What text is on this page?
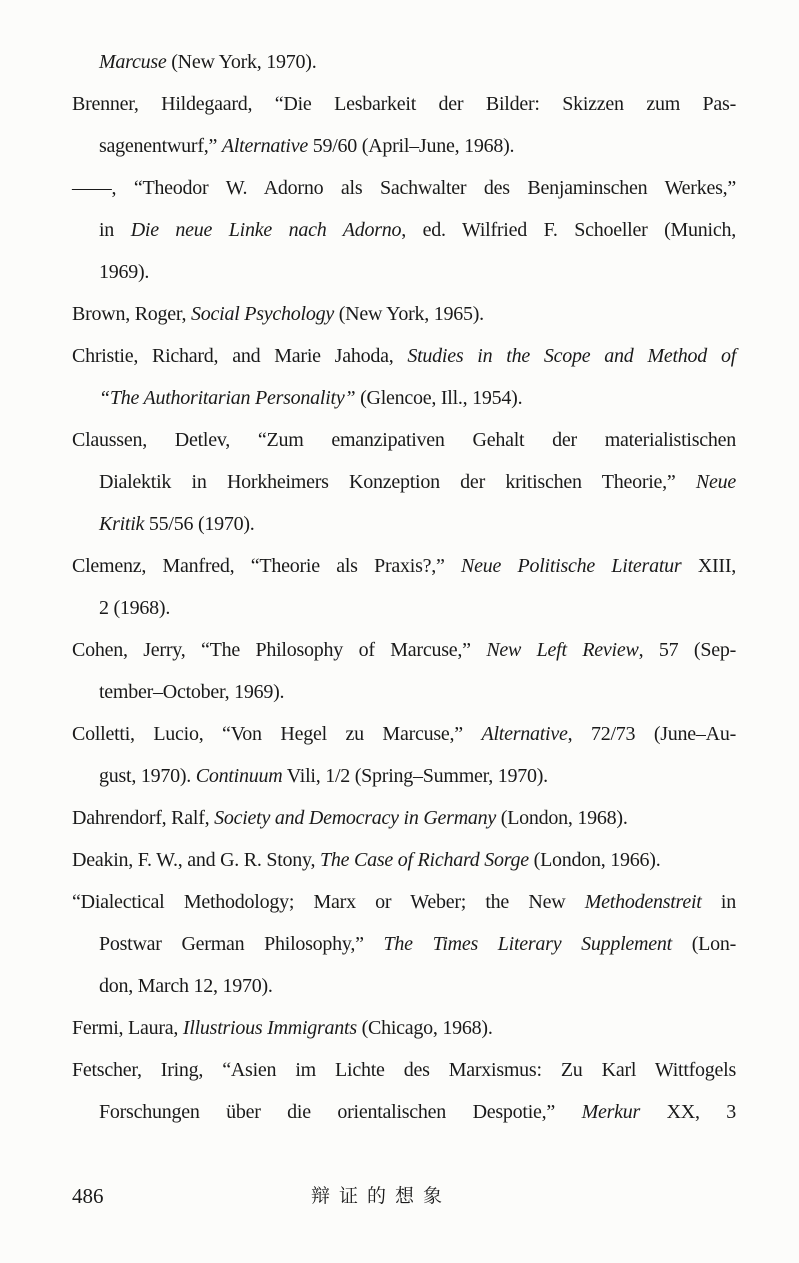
Marcuse (New York, 1970).

Brenner, Hildegaard, “Die Lesbarkeit der Bilder: Skizzen zum Pas-
sagenentwurf,” Alternative 59/60 (April–June, 1968).

——, “Theodor W. Adorno als Sachwalter des Benjaminschen Werkes,”
in Die neue Linke nach Adorno, ed. Wilfried F. Schoeller (Munich,
1969).

Brown, Roger, Social Psychology (New York, 1965).

Christie, Richard, and Marie Jahoda, Studies in the Scope and Method of
“The Authoritarian Personality” (Glencoe, Ill., 1954).

Claussen, Detlev, “Zum emanzipativen Gehalt der materialistischen
Dialektik in Horkheimers Konzeption der kritischen Theorie,” Neue
Kritik 55/56 (1970).

Clemenz, Manfred, “Theorie als Praxis?,” Neue Politische Literatur XIII,
2 (1968).

Cohen, Jerry, “The Philosophy of Marcuse,” New Left Review, 57 (Sep-
tember–October, 1969).

Colletti, Lucio, “Von Hegel zu Marcuse,” Alternative, 72/73 (June–Au-
gust, 1970). Continuum Vili, 1/2 (Spring–Summer, 1970).

Dahrendorf, Ralf, Society and Democracy in Germany (London, 1968).

Deakin, F. W., and G. R. Stony, The Case of Richard Sorge (London, 1966).

“Dialectical Methodology; Marx or Weber; the New Methodenstreit in
Postwar German Philosophy,” The Times Literary Supplement (Lon-
don, March 12, 1970).

Fermi, Laura, Illustrious Immigrants (Chicago, 1968).

Fetscher, Iring, “Asien im Lichte des Marxismus: Zu Karl Wittfogels
Forschungen über die orientalischen Despotie,” Merkur XX, 3

486	辩证的想象
